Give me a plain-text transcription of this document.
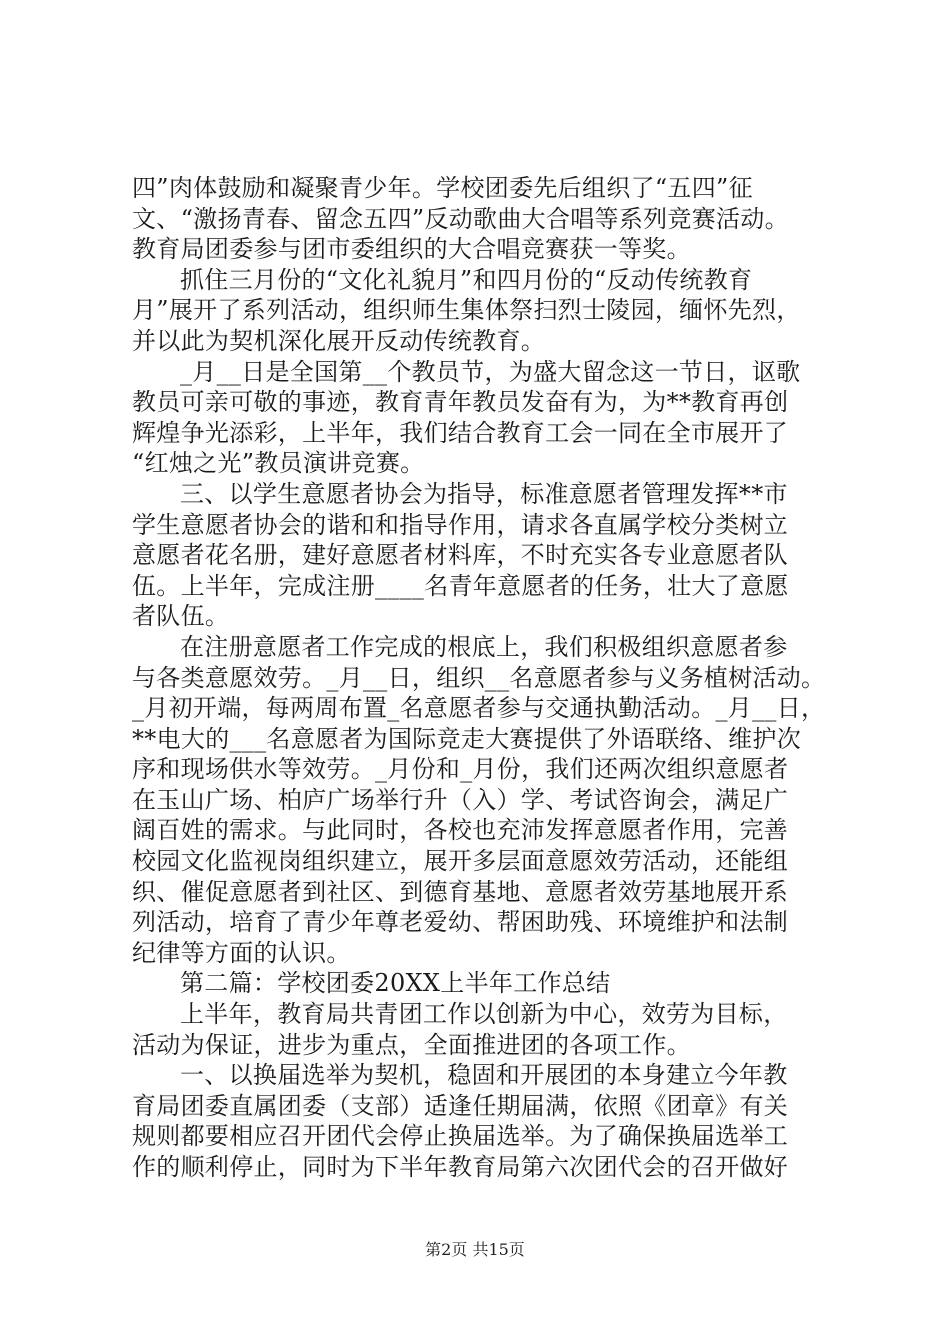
四”肉体鼓励和凝聚青少年。学校团委先后组织了“五四”征
文、“激扬青春、留念五四”反动歌曲大合唱等系列竞赛活动。
教育局团委参与团市委组织的大合唱竞赛获一等奖。
抓住三月份的“文化礼貌月”和四月份的“反动传统教育
月”展开了系列活动，组织师生集体祭扫烈士陵园，缅怀先烈，
并以此为契机深化展开反动传统教育。
_月__日是全国第__个教员节，为盛大留念这一节日，讴歌
教员可亲可敬的事迹，教育青年教员发奋有为，为**教育再创
辉煌争光添彩，上半年，我们结合教育工会一同在全市展开了
“红烛之光”教员演讲竞赛。
三、以学生意愿者协会为指导，标准意愿者管理发挥**市
学生意愿者协会的谐和和指导作用，请求各直属学校分类树立
意愿者花名册，建好意愿者材料库，不时充实各专业意愿者队
伍。上半年，完成注册____名青年意愿者的任务，壮大了意愿
者队伍。
在注册意愿者工作完成的根底上，我们积极组织意愿者参
与各类意愿效劳。_月__日，组织__名意愿者参与义务植树活动。
_月初开端，每两周布置_名意愿者参与交通执勤活动。_月__日，
**电大的___名意愿者为国际竞走大赛提供了外语联络、维护次
序和现场供水等效劳。_月份和_月份，我们还两次组织意愿者
在玉山广场、柏庐广场举行升（入）学、考试咨询会，满足广
阔百姓的需求。与此同时，各校也充沛发挥意愿者作用，完善
校园文化监视岗组织建立，展开多层面意愿效劳活动，还能组
织、催促意愿者到社区、到德育基地、意愿者效劳基地展开系
列活动，培育了青少年尊老爱幼、帮困助残、环境维护和法制
纪律等方面的认识。
第二篇：学校团委20XX上半年工作总结
上半年，教育局共青团工作以创新为中心，效劳为目标，
活动为保证，进步为重点，全面推进团的各项工作。
一、以换届选举为契机，稳固和开展团的本身建立今年教
育局团委直属团委（支部）适逢任期届满，依照《团章》有关
规则都要相应召开团代会停止换届选举。为了确保换届选举工
作的顺利停止，同时为下半年教育局第六次团代会的召开做好
第2页 共15页
